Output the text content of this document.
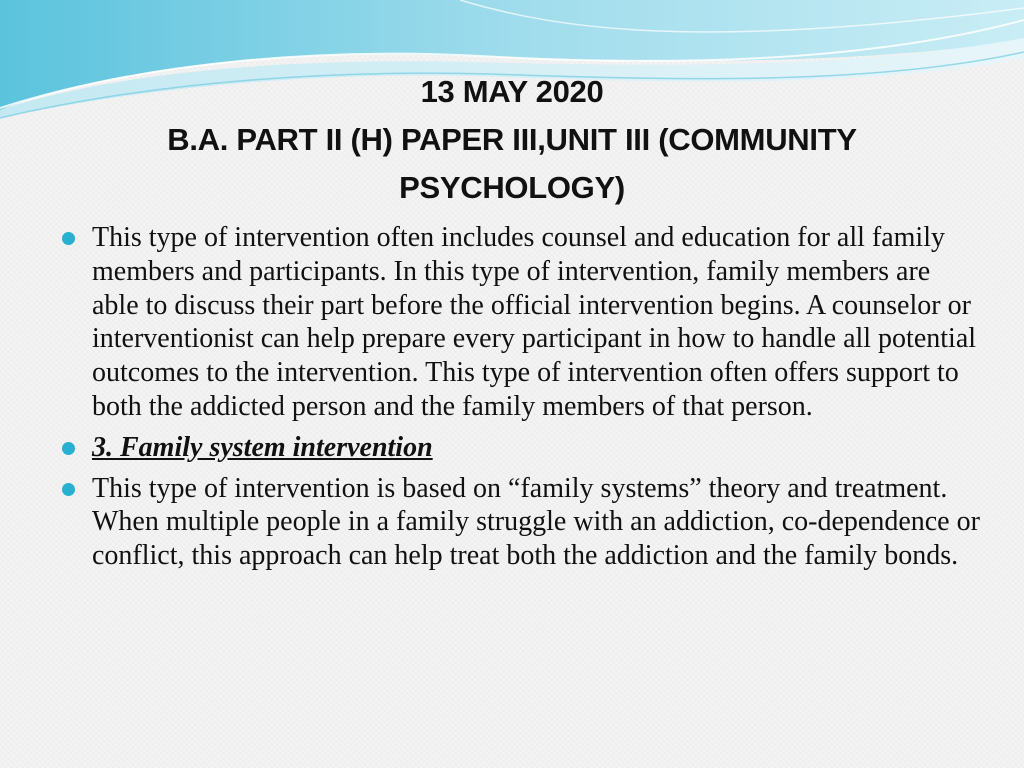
13 MAY 2020
B.A. PART II (H) PAPER III,UNIT III (COMMUNITY
PSYCHOLOGY)
This type of intervention often includes counsel and education for all family members and participants. In this type of intervention, family members are able to discuss their part before the official intervention begins. A counselor or interventionist can help prepare every participant in how to handle all potential outcomes to the intervention. This type of intervention often offers support to both the addicted person and the family members of that person.
3. Family system intervention
This type of intervention is based on “family systems” theory and treatment. When multiple people in a family struggle with an addiction, co-dependence or conflict, this approach can help treat both the addiction and the family bonds.
